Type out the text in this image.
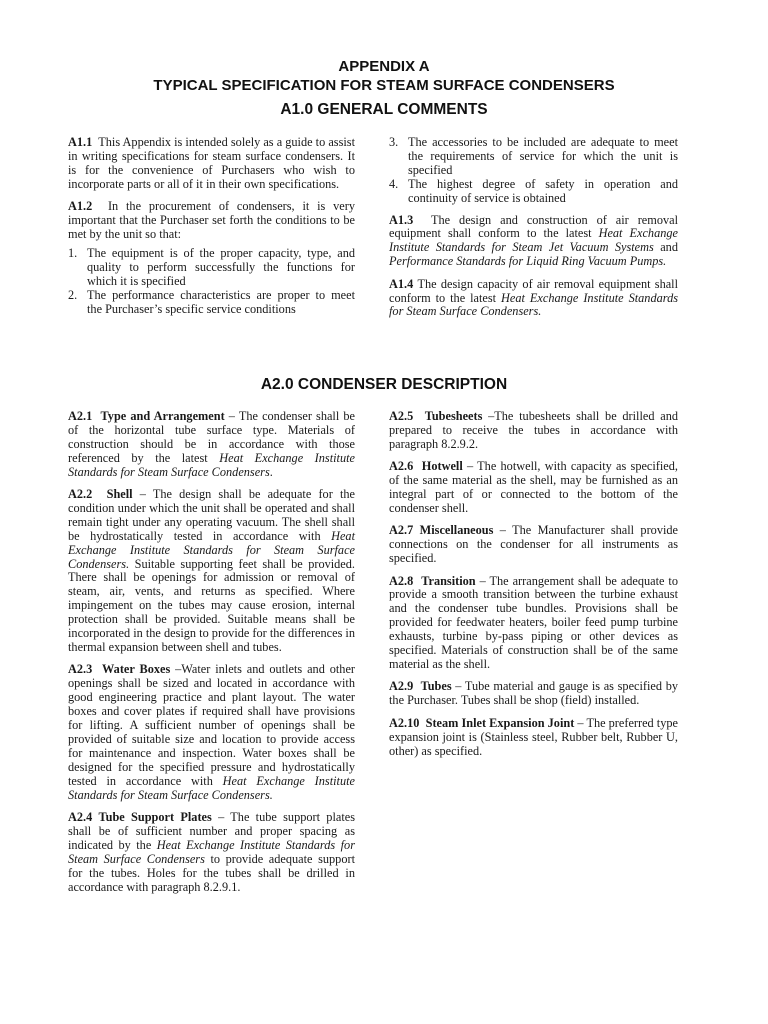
APPENDIX A
TYPICAL SPECIFICATION FOR STEAM SURFACE CONDENSERS
A1.0 GENERAL COMMENTS

A1.1 This Appendix is intended solely as a guide to assist in writing specifications for steam surface condensers. It is for the convenience of Purchasers who wish to incorporate parts or all of it in their own specifications.

A1.2 In the procurement of condensers, it is very important that the Purchaser set forth the conditions to be met by the unit so that:

1. The equipment is of the proper capacity, type, and quality to perform successfully the functions for which it is specified
2. The performance characteristics are proper to meet the Purchaser’s specific service conditions
3. The accessories to be included are adequate to meet the requirements of service for which the unit is specified
4. The highest degree of safety in operation and continuity of service is obtained

A1.3 The design and construction of air removal equipment shall conform to the latest Heat Exchange Institute Standards for Steam Jet Vacuum Systems and Performance Standards for Liquid Ring Vacuum Pumps.

A1.4 The design capacity of air removal equipment shall conform to the latest Heat Exchange Institute Standards for Steam Surface Condensers.

A2.0 CONDENSER DESCRIPTION

A2.1 Type and Arrangement – The condenser shall be of the horizontal tube surface type. Materials of construction should be in accordance with those referenced by the latest Heat Exchange Institute Standards for Steam Surface Condensers.

A2.2 Shell – The design shall be adequate for the condition under which the unit shall be operated and shall remain tight under any operating vacuum. The shell shall be hydrostatically tested in accordance with Heat Exchange Institute Standards for Steam Surface Condensers. Suitable supporting feet shall be provided. There shall be openings for admission or removal of steam, air, vents, and returns as specified. Where impingement on the tubes may cause erosion, internal protection shall be provided. Suitable means shall be incorporated in the design to provide for the differences in thermal expansion between shell and tubes.

A2.3 Water Boxes –Water inlets and outlets and other openings shall be sized and located in accordance with good engineering practice and plant layout. The water boxes and cover plates if required shall have provisions for lifting. A sufficient number of openings shall be provided of suitable size and location to provide access for maintenance and inspection. Water boxes shall be designed for the specified pressure and hydrostatically tested in accordance with Heat Exchange Institute Standards for Steam Surface Condensers.

A2.4 Tube Support Plates – The tube support plates shall be of sufficient number and proper spacing as indicated by the Heat Exchange Institute Standards for Steam Surface Condensers to provide adequate support for the tubes. Holes for the tubes shall be drilled in accordance with paragraph 8.2.9.1.

A2.5 Tubesheets –The tubesheets shall be drilled and prepared to receive the tubes in accordance with paragraph 8.2.9.2.

A2.6 Hotwell – The hotwell, with capacity as specified, of the same material as the shell, may be furnished as an integral part of or connected to the bottom of the condenser shell.

A2.7 Miscellaneous – The Manufacturer shall provide connections on the condenser for all instruments as specified.

A2.8 Transition – The arrangement shall be adequate to provide a smooth transition between the turbine exhaust and the condenser tube bundles. Provisions shall be provided for feedwater heaters, boiler feed pump turbine exhausts, turbine by-pass piping or other devices as specified. Materials of construction shall be of the same material as the shell.

A2.9 Tubes – Tube material and gauge is as specified by the Purchaser. Tubes shall be shop (field) installed.

A2.10 Steam Inlet Expansion Joint – The preferred type expansion joint is (Stainless steel, Rubber belt, Rubber U, other) as specified.
